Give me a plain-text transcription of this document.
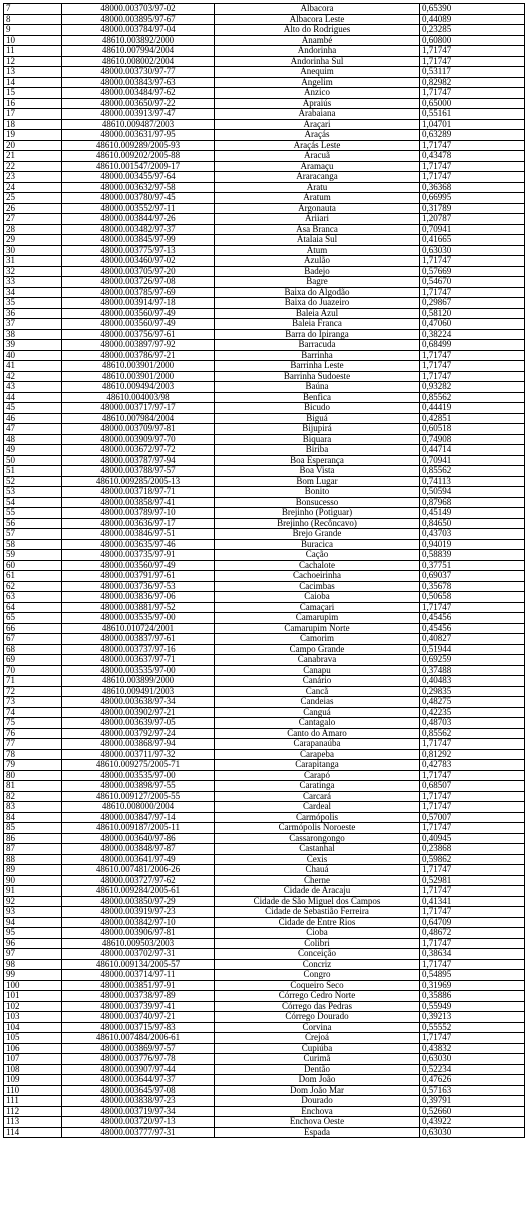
7	48000.003703/97-02	Albacora	0,65390
8	48000.003895/97-67	Albacora Leste	0,44089
9	48000.003784/97-04	Alto do Rodrigues	0,23285
10	48610.003892/2000	Anambé	0,60800
11	48610.007994/2004	Andorinha	1,71747
12	48610.008002/2004	Andorinha Sul	1,71747
13	48000.003730/97-77	Anequim	0,53117
14	48000.003843/97-63	Angelim	0,82982
15	48000.003484/97-62	Anzico	1,71747
16	48000.003650/97-22	Apraiús	0,65000
17	48000.003913/97-47	Arabaiana	0,55161
18	48610.009487/2003	Araçari	1,04701
19	48000.003631/97-95	Araçás	0,63289
20	48610.009289/2005-93	Araçás Leste	1,71747
21	48610.009202/2005-88	Aracuã	0,43478
22	48610.001547/2009-17	Aramaçu	1,71747
23	48000.003455/97-64	Araracanga	1,71747
24	48000.003632/97-58	Aratu	0,36368
25	48000.003780/97-45	Aratum	0,66995
26	48000.003552/97-11	Argonauta	0,31789
27	48000.003844/97-26	Ariiari	1,20787
28	48000.003482/97-37	Asa Branca	0,70941
29	48000.003845/97-99	Atalaia Sul	0,41665
30	48000.003775/97-13	Atum	0,63030
31	48000.003460/97-02	Azulão	1,71747
32	48000.003705/97-20	Badejo	0,57669
33	48000.003726/97-08	Bagre	0,54670
34	48000.003785/97-69	Baixa do Algodão	1,71747
35	48000.003914/97-18	Baixa do Juazeiro	0,29867
36	48000.003560/97-49	Baleia Azul	0,58120
37	48000.003560/97-49	Baleia Franca	0,47060
38	48000.003756/97-61	Barra do Ipiranga	0,38224
39	48000.003897/97-92	Barracuda	0,68499
40	48000.003786/97-21	Barrinha	1,71747
41	48610.003901/2000	Barrinha Leste	1,71747
42	48610.003901/2000	Barrinha Sudoeste	1,71747
43	48610.009494/2003	Baúna	0,93282
44	48610.004003/98	Benfica	0,85562
45	48000.003717/97-17	Bicudo	0,44419
46	48610.007984/2004	Biguá	0,42851
47	48000.003709/97-81	Bijupirá	0,60518
48	48000.003909/97-70	Biquara	0,74908
49	48000.003672/97-72	Biriba	0,44714
50	48000.003787/97-94	Boa Esperança	0,70941
51	48000.003788/97-57	Boa Vista	0,85562
52	48610.009285/2005-13	Bom Lugar	0,74113
53	48000.003718/97-71	Bonito	0,50594
54	48000.003858/97-41	Bonsucesso	0,87968
55	48000.003789/97-10	Brejinho (Potiguar)	0,45149
56	48000.003636/97-17	Brejinho (Recôncavo)	0,84650
57	48000.003846/97-51	Brejo Grande	0,43703
58	48000.003635/97-46	Buracica	0,94019
59	48000.003735/97-91	Cação	0,58839
60	48000.003560/97-49	Cachalote	0,37751
61	48000.003791/97-61	Cachoeirinha	0,69037
62	48000.003736/97-53	Cacimbas	0,35678
63	48000.003836/97-06	Caioba	0,50658
64	48000.003881/97-52	Camaçari	1,71747
65	48000.003535/97-00	Camarupim	0,45456
66	48610.010724/2001	Camarupim Norte	0,45456
67	48000.003837/97-61	Camorim	0,40827
68	48000.003737/97-16	Campo Grande	0,51944
69	48000.003637/97-71	Canabrava	0,69259
70	48000.003535/97-00	Canapu	0,37488
71	48610.003899/2000	Canário	0,40483
72	48610.009491/2003	Cancã	0,29835
73	48000.003638/97-34	Candeias	0,48275
74	48000.003902/97-21	Canguá	0,42235
75	48000.003639/97-05	Cantagalo	0,48703
76	48000.003792/97-24	Canto do Amaro	0,85562
77	48000.003868/97-94	Carapanaúba	1,71747
78	48000.003711/97-32	Carapeba	0,81292
79	48610.009275/2005-71	Carapitanga	0,42783
80	48000.003535/97-00	Carapó	1,71747
81	48000.003898/97-55	Caratinga	0,68507
82	48610.009127/2005-55	Carcará	1,71747
83	48610.008000/2004	Cardeal	1,71747
84	48000.003847/97-14	Carmópolis	0,57007
85	48610.009187/2005-11	Carmópolis Noroeste	1,71747
86	48000.003640/97-86	Cassarongongo	0,40945
87	48000.003848/97-87	Castanhal	0,23868
88	48000.003641/97-49	Cexis	0,59862
89	48610.007481/2006-26	Chauá	1,71747
90	48000.003727/97-62	Cherne	0,52981
91	48610.009284/2005-61	Cidade de Aracaju	1,71747
92	48000.003850/97-29	Cidade de São Miguel dos Campos	0,41341
93	48000.003919/97-23	Cidade de Sebastião Ferreira	1,71747
94	48000.003842/97-10	Cidade de Entre Rios	0,64709
95	48000.003906/97-81	Cioba	0,48672
96	48610.009503/2003	Colibri	1,71747
97	48000.003702/97-31	Conceição	0,38634
98	48610.009134/2005-57	Concriz	1,71747
99	48000.003714/97-11	Congro	0,54895
100	48000.003851/97-91	Coqueiro Seco	0,31969
101	48000.003738/97-89	Córrego Cedro Norte	0,35886
102	48000.003739/97-41	Córrego das Pedras	0,55949
103	48000.003740/97-21	Córrego Dourado	0,39213
104	48000.003715/97-83	Corvina	0,55552
105	48610.007484/2006-61	Crejoá	1,71747
106	48000.003869/97-57	Cupiúba	0,43832
107	48000.003776/97-78	Curimã	0,63030
108	48000.003907/97-44	Dentão	0,52234
109	48000.003644/97-37	Dom João	0,47626
110	48000.003645/97-08	Dom João Mar	0,57163
111	48000.003838/97-23	Dourado	0,39791
112	48000.003719/97-34	Enchova	0,52660
113	48000.003720/97-13	Enchova Oeste	0,43922
114	48000.003777/97-31	Espada	0,63030
